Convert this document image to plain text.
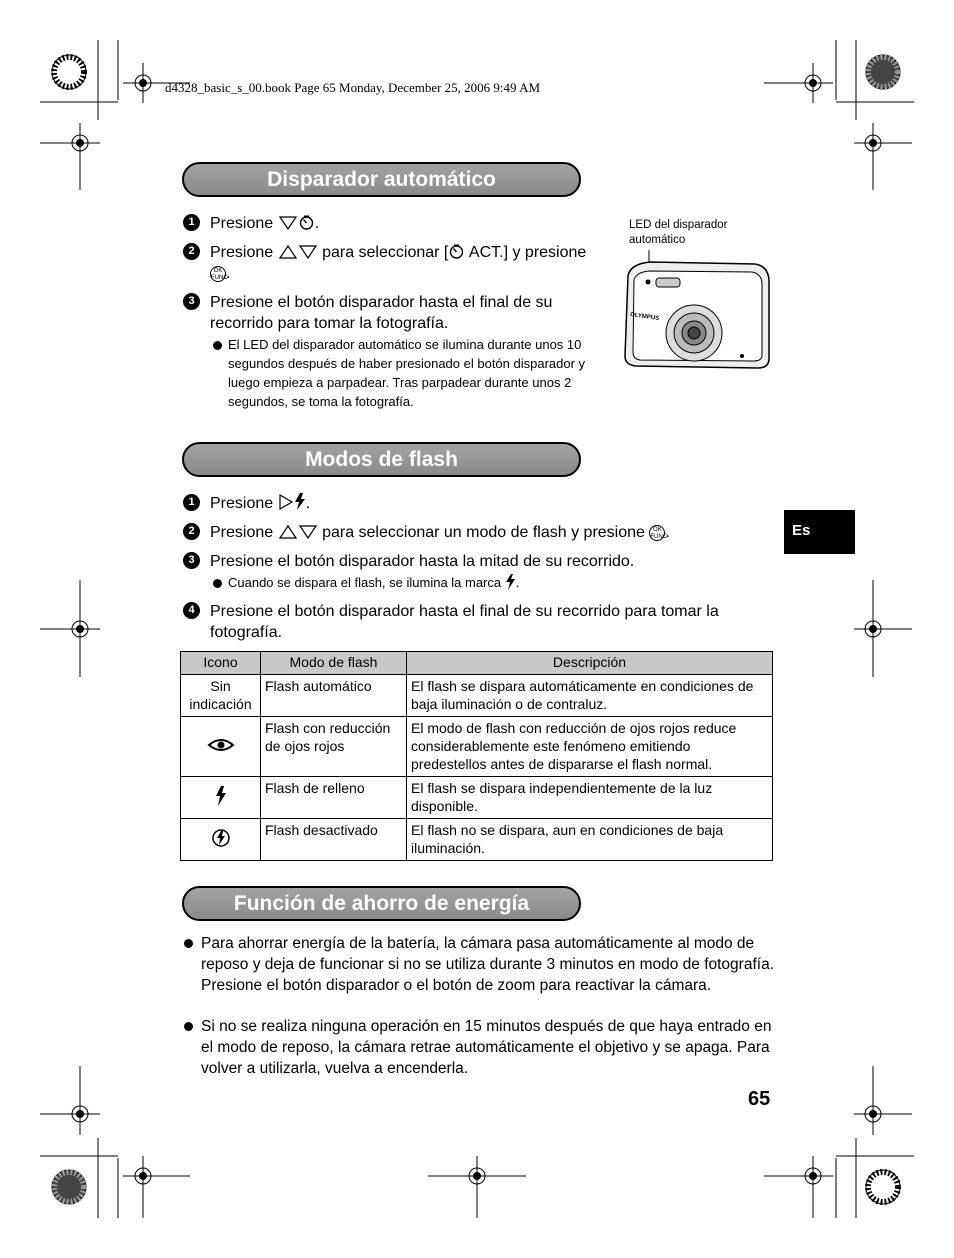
d4328_basic_s_00.book Page 65 Monday, December 25, 2006 9:49 AM
Disparador automático
1 Presione	.
2 Presione	para seleccionar [ ACT.] y presione
OK
FUNC.
3 Presione el botón disparador hasta el final de su recorrido para tomar la fotografía.
El LED del disparador automático se ilumina durante unos 10 segundos después de haber presionado el botón disparador y luego empieza a parpadear. Tras parpadear durante unos 2 segundos, se toma la fotografía.
LED del disparador automático
OLYMPUS
Modos de flash
1 Presione .
2 Presione	para seleccionar un modo de flash y presione OK
FUNC.
3 Presione el botón disparador hasta la mitad de su recorrido.
Cuando se dispara el flash, se ilumina la marca .
4 Presione el botón disparador hasta el final de su recorrido para tomar la fotografía.
Icono	Modo de flash	Descripción
Sin indicación	Flash automático	El flash se dispara automáticamente en condiciones de baja iluminación o de contraluz.
	Flash con reducción de ojos rojos	El modo de flash con reducción de ojos rojos reduce considerablemente este fenómeno emitiendo predestellos antes de dispararse el flash normal.
	Flash de relleno	El flash se dispara independientemente de la luz disponible.
	Flash desactivado	El flash no se dispara, aun en condiciones de baja iluminación.
Función de ahorro de energía
Para ahorrar energía de la batería, la cámara pasa automáticamente al modo de reposo y deja de funcionar si no se utiliza durante 3 minutos en modo de fotografía. Presione el botón disparador o el botón de zoom para reactivar la cámara.
Si no se realiza ninguna operación en 15 minutos después de que haya entrado en el modo de reposo, la cámara retrae automáticamente el objetivo y se apaga. Para volver a utilizarla, vuelva a encenderla.
Es
65
